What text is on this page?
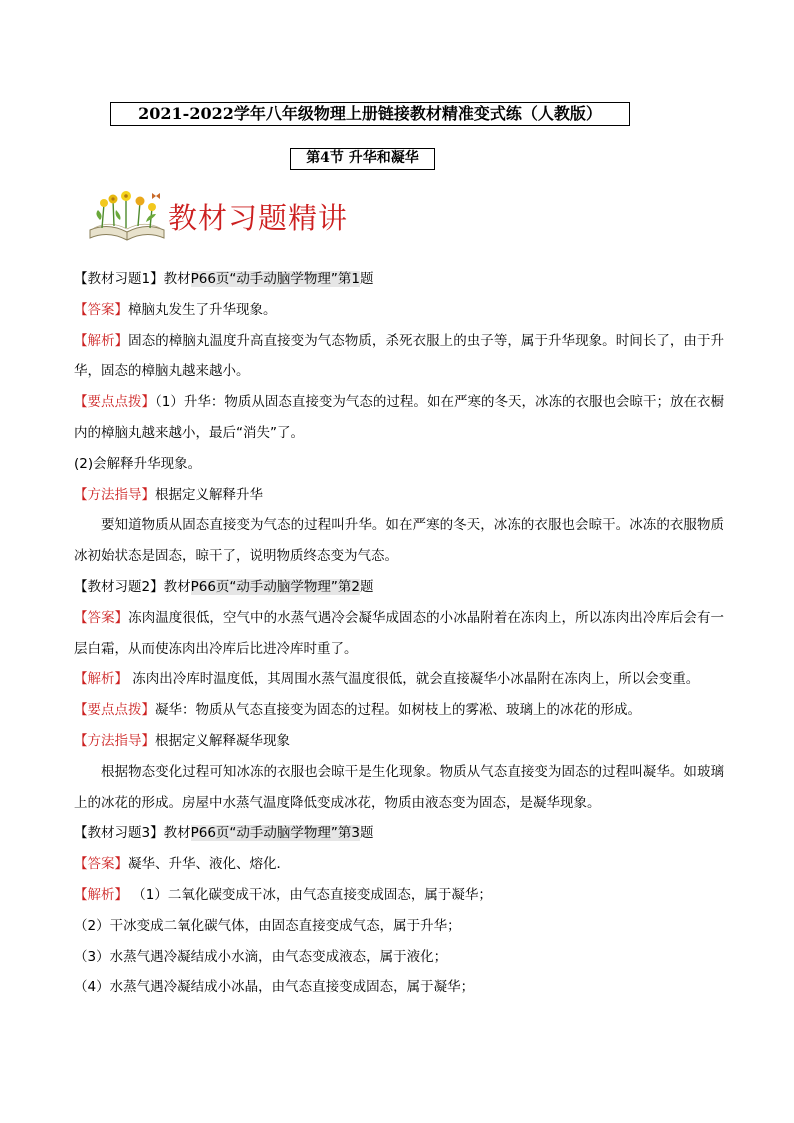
2021-2022学年八年级物理上册链接教材精准变式练（人教版）
第4节 升华和凝华
教材习题精讲

【教材习题1】教材P66页“动手动脑学物理”第1题

【答案】樟脑丸发生了升华现象。

【解析】固态的樟脑丸温度升高直接变为气态物质，杀死衣服上的虫子等，属于升华现象。时间长了，由于升华，固态的樟脑丸越来越小。

【要点点拨】（1）升华：物质从固态直接变为气态的过程。如在严寒的冬天，冰冻的衣服也会晾干；放在衣橱内的樟脑丸越来越小，最后“消失”了。

(2)会解释升华现象。

【方法指导】根据定义解释升华

要知道物质从固态直接变为气态的过程叫升华。如在严寒的冬天，冰冻的衣服也会晾干。冰冻的衣服物质冰初始状态是固态，晾干了，说明物质终态变为气态。

【教材习题2】教材P66页“动手动脑学物理”第2题

【答案】冻肉温度很低，空气中的水蒸气遇冷会凝华成固态的小冰晶附着在冻肉上，所以冻肉出冷库后会有一层白霜，从而使冻肉出冷库后比进冷库时重了。

【解析】 冻肉出冷库时温度低，其周围水蒸气温度很低，就会直接凝华小冰晶附在冻肉上，所以会变重。

【要点点拨】凝华：物质从气态直接变为固态的过程。如树枝上的雾凇、玻璃上的冰花的形成。

【方法指导】根据定义解释凝华现象

根据物态变化过程可知冰冻的衣服也会晾干是生化现象。物质从气态直接变为固态的过程叫凝华。如玻璃上的冰花的形成。房屋中水蒸气温度降低变成冰花，物质由液态变为固态，是凝华现象。

【教材习题3】教材P66页“动手动脑学物理”第3题

【答案】凝华、升华、液化、熔化．

【解析】 （1）二氧化碳变成干冰，由气态直接变成固态，属于凝华；

（2）干冰变成二氧化碳气体，由固态直接变成气态，属于升华；

（3）水蒸气遇冷凝结成小水滴，由气态变成液态，属于液化；

（4）水蒸气遇冷凝结成小冰晶，由气态直接变成固态，属于凝华；
